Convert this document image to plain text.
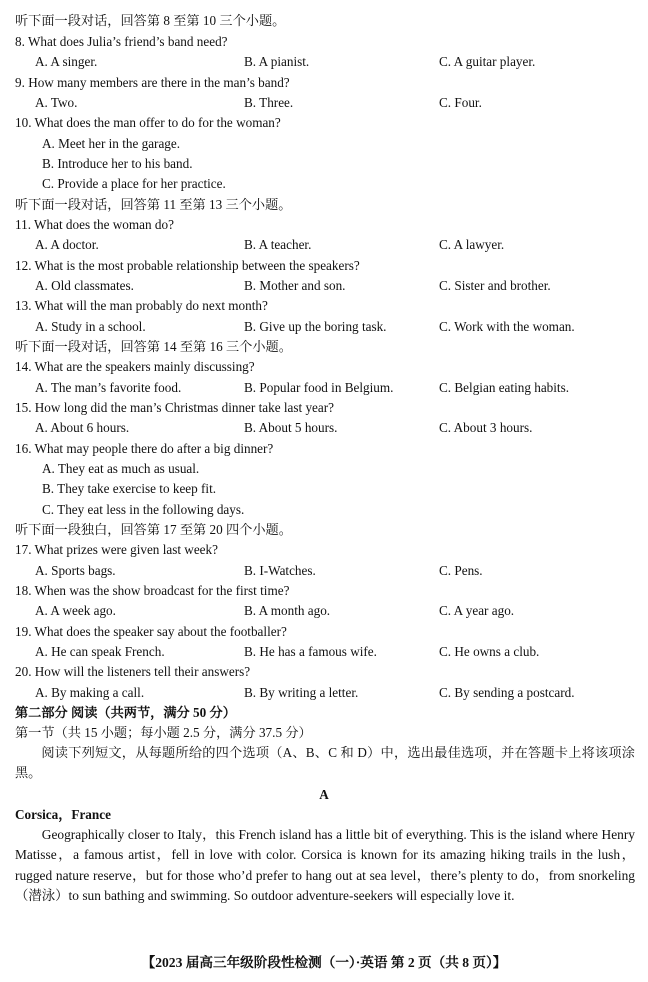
听下面一段对话，回答第 8 至第 10 三个小题。
8. What does Julia’s friend’s band need?
A. A singer.	B. A pianist.	C. A guitar player.
9. How many members are there in the man’s band?
A. Two.	B. Three.	C. Four.
10. What does the man offer to do for the woman?
A. Meet her in the garage.
B. Introduce her to his band.
C. Provide a place for her practice.
听下面一段对话，回答第 11 至第 13 三个小题。
11. What does the woman do?
A. A doctor.	B. A teacher.	C. A lawyer.
12. What is the most probable relationship between the speakers?
A. Old classmates.	B. Mother and son.	C. Sister and brother.
13. What will the man probably do next month?
A. Study in a school.	B. Give up the boring task.	C. Work with the woman.
听下面一段对话，回答第 14 至第 16 三个小题。
14. What are the speakers mainly discussing?
A. The man’s favorite food.	B. Popular food in Belgium.	C. Belgian eating habits.
15. How long did the man’s Christmas dinner take last year?
A. About 6 hours.	B. About 5 hours.	C. About 3 hours.
16. What may people there do after a big dinner?
A. They eat as much as usual.
B. They take exercise to keep fit.
C. They eat less in the following days.
听下面一段独白，回答第 17 至第 20 四个小题。
17. What prizes were given last week?
A. Sports bags.	B. I-Watches.	C. Pens.
18. When was the show broadcast for the first time?
A. A week ago.	B. A month ago.	C. A year ago.
19. What does the speaker say about the footballer?
A. He can speak French.	B. He has a famous wife.	C. He owns a club.
20. How will the listeners tell their answers?
A. By making a call.	B. By writing a letter.	C. By sending a postcard.
第二部分 阅读（共两节，满分 50 分）
第一节（共 15 小题；每小题 2.5 分，满分 37.5 分）
阅读下列短文，从每题所给的四个选项（A、B、C 和 D）中，选出最佳选项，并在答题卡上将该项涂黑。
A
Corsica，France
Geographically closer to Italy，this French island has a little bit of everything. This is the island where Henry Matisse，a famous artist，fell in love with color. Corsica is known for its amazing hiking trails in the lush，rugged nature reserve，but for those who’d prefer to hang out at sea level，there’s plenty to do，from snorkeling（潜泳）to sun bathing and swimming. So outdoor adventure-seekers will especially love it.
【2023 届高三年级阶段性检测（一）·英语 第 2 页（共 8 页）】
